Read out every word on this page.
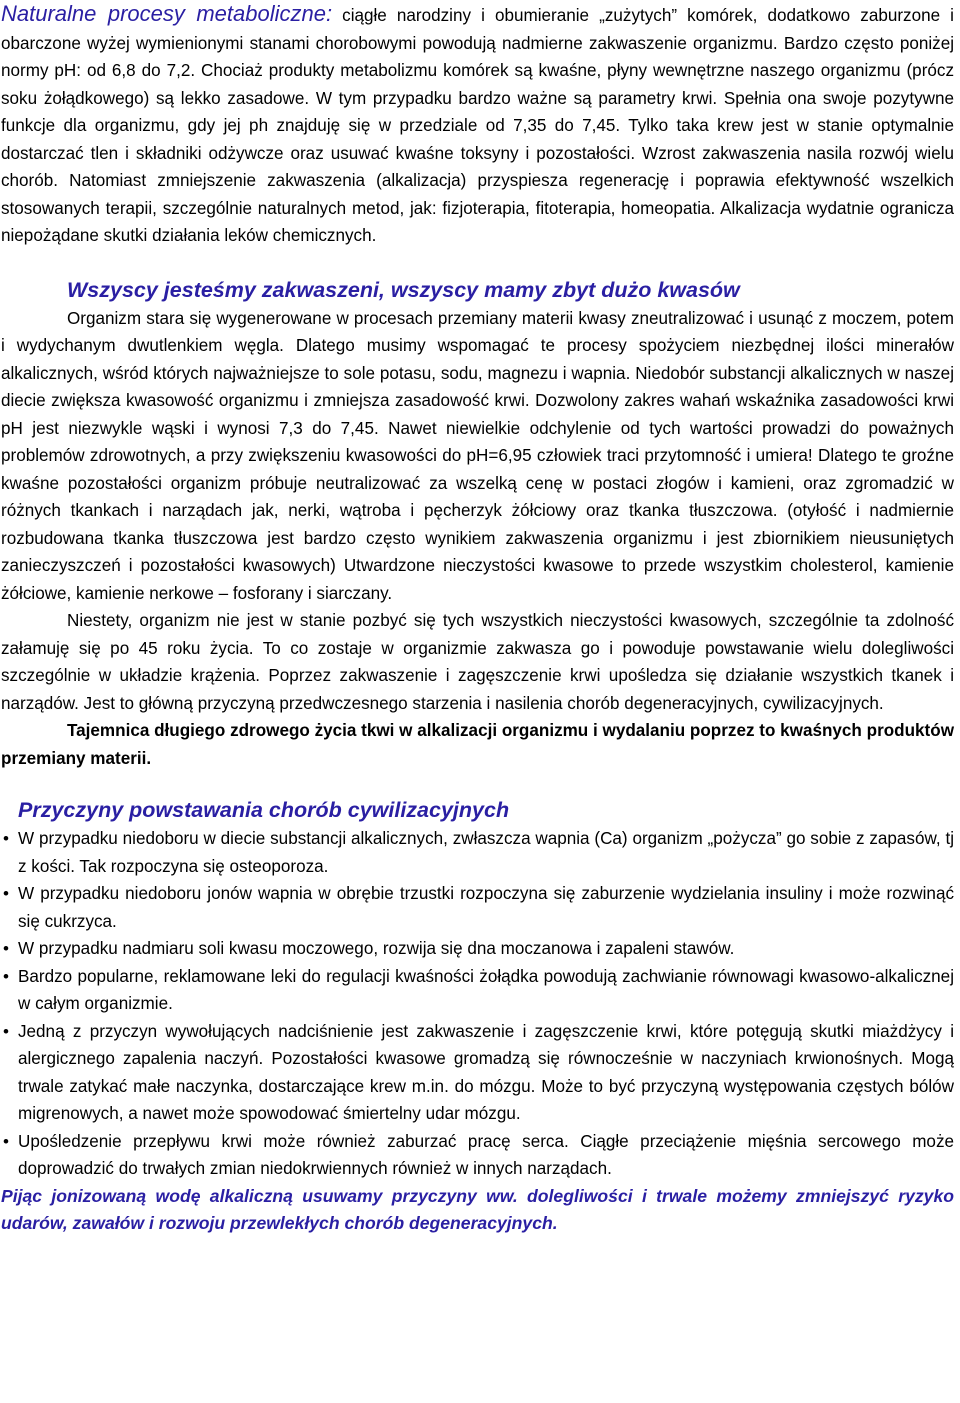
Naturalne procesy metaboliczne: ciągłe narodziny i obumieranie „zużytych” komórek, dodatkowo zaburzone i obarczone wyżej wymienionymi stanami chorobowymi powodują nadmierne zakwaszenie organizmu. Bardzo często poniżej normy pH: od 6,8 do 7,2. Chociaż produkty metabolizmu komórek są kwaśne, płyny wewnętrzne naszego organizmu (prócz soku żołądkowego) są lekko zasadowe. W tym przypadku bardzo ważne są parametry krwi. Spełnia ona swoje pozytywne funkcje dla organizmu, gdy jej ph znajduję się w przedziale od 7,35 do 7,45. Tylko taka krew jest w stanie optymalnie dostarczać tlen i składniki odżywcze oraz usuwać kwaśne toksyny i pozostałości. Wzrost zakwaszenia nasila rozwój wielu chorób. Natomiast zmniejszenie zakwaszenia (alkalizacja) przyspiesza regenerację i poprawia efektywność wszelkich stosowanych terapii, szczególnie naturalnych metod, jak: fizjoterapia, fitoterapia, homeopatia. Alkalizacja wydatnie ogranicza niepożądane skutki działania leków chemicznych.

Wszyscy jesteśmy zakwaszeni, wszyscy mamy zbyt dużo kwasów

Organizm stara się wygenerowane w procesach przemiany materii kwasy zneutralizować i usunąć z moczem, potem i wydychanym dwutlenkiem węgla. Dlatego musimy wspomagać te procesy spożyciem niezbędnej ilości minerałów alkalicznych, wśród których najważniejsze to sole potasu, sodu, magnezu i wapnia. Niedobór substancji alkalicznych w naszej diecie zwiększa kwasowość organizmu i zmniejsza zasadowość krwi. Dozwolony zakres wahań wskaźnika zasadowości krwi pH jest niezwykle wąski i wynosi 7,3 do 7,45. Nawet niewielkie odchylenie od tych wartości prowadzi do poważnych problemów zdrowotnych, a przy zwiększeniu kwasowości do pH=6,95 człowiek traci przytomność i umiera! Dlatego te groźne kwaśne pozostałości organizm próbuje neutralizować za wszelką cenę w postaci złogów i kamieni, oraz zgromadzić w różnych tkankach i narządach jak, nerki, wątroba i pęcherzyk żółciowy oraz tkanka tłuszczowa. (otyłość i nadmiernie rozbudowana tkanka tłuszczowa jest bardzo często wynikiem zakwaszenia organizmu i jest zbiornikiem nieusuniętych zanieczyszczeń i pozostałości kwasowych) Utwardzone nieczystości kwasowe to przede wszystkim cholesterol, kamienie żółciowe, kamienie nerkowe – fosforany i siarczany.

Niestety, organizm nie jest w stanie pozbyć się tych wszystkich nieczystości kwasowych, szczególnie ta zdolność załamuję się po 45 roku życia. To co zostaje w organizmie zakwasza go i powoduje powstawanie wielu dolegliwości szczególnie w układzie krążenia. Poprzez zakwaszenie i zagęszczenie krwi upośledza się działanie wszystkich tkanek i narządów. Jest to główną przyczyną przedwczesnego starzenia i nasilenia chorób degeneracyjnych, cywilizacyjnych.

Tajemnica długiego zdrowego życia tkwi w alkalizacji organizmu i wydalaniu poprzez to kwaśnych produktów przemiany materii.

Przyczyny powstawania chorób cywilizacyjnych
• W przypadku niedoboru w diecie substancji alkalicznych, zwłaszcza wapnia (Ca) organizm „pożycza” go sobie z zapasów, tj z kości. Tak rozpoczyna się osteoporoza.
• W przypadku niedoboru jonów wapnia w obrębie trzustki rozpoczyna się zaburzenie wydzielania insuliny i może rozwinąć się cukrzyca.
• W przypadku nadmiaru soli kwasu moczowego, rozwija się dna moczanowa i zapaleni stawów.
• Bardzo popularne, reklamowane leki do regulacji kwaśności żołądka powodują zachwianie równowagi kwasowo-alkalicznej w całym organizmie.
• Jedną z przyczyn wywołujących nadciśnienie jest zakwaszenie i zagęszczenie krwi, które potęgują skutki miażdżycy i alergicznego zapalenia naczyń. Pozostałości kwasowe gromadzą się równocześnie w naczyniach krwionośnych. Mogą trwale zatykać małe naczynka, dostarczające krew m.in. do mózgu. Może to być przyczyną występowania częstych bólów migrenowych, a nawet może spowodować śmiertelny udar mózgu.
• Upośledzenie przepływu krwi może również zaburzać pracę serca. Ciągłe przeciążenie mięśnia sercowego może doprowadzić do trwałych zmian niedokrwiennych również w innych narządach.

Pijąc jonizowaną wodę alkaliczną usuwamy przyczyny ww. dolegliwości i trwale możemy zmniejszyć ryzyko udarów, zawałów i rozwoju przewlekłych chorób degeneracyjnych.
